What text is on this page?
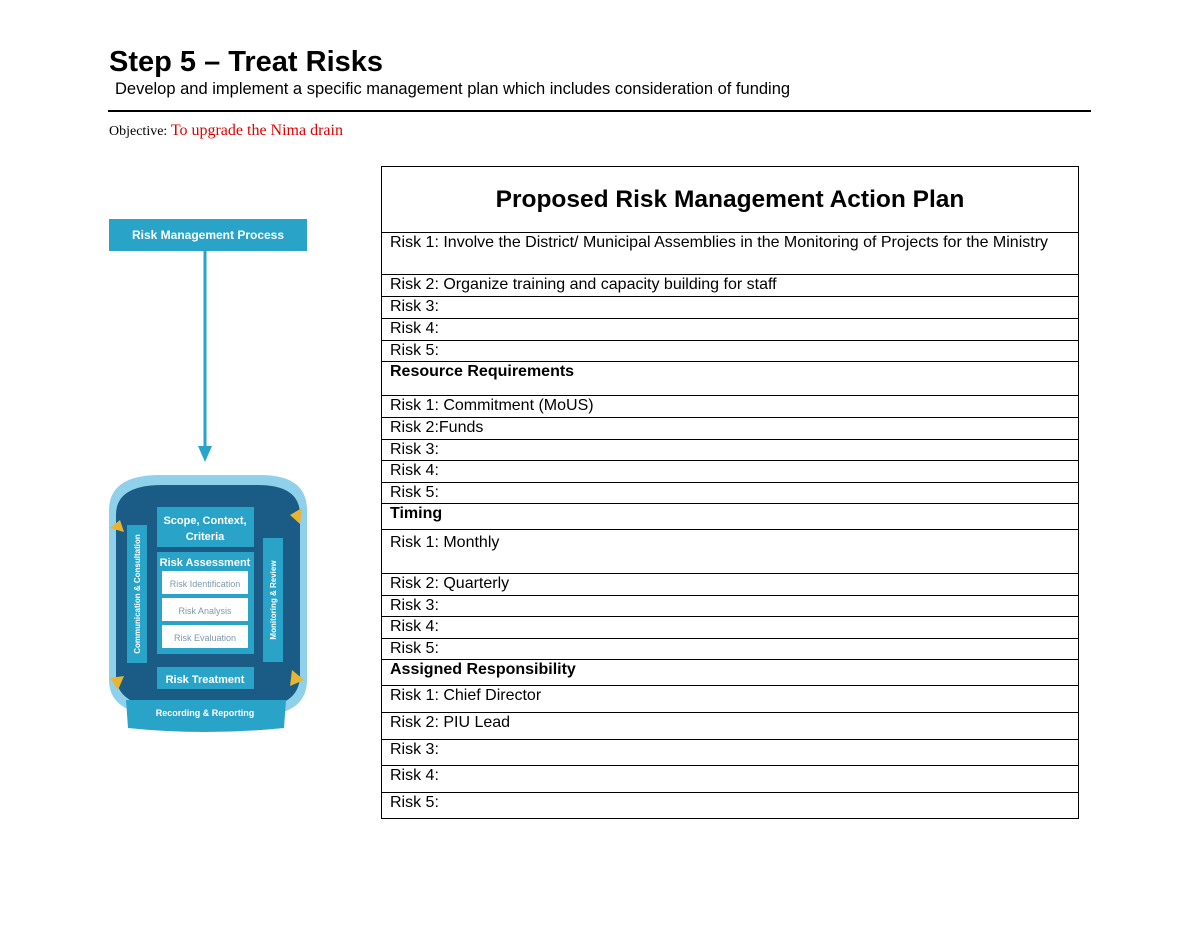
Step 5 – Treat Risks
Develop and implement a specific management plan which includes consideration of funding
Objective: To upgrade the Nima drain
Risk Management Process
Communication & Consultation	Monitoring & Review
Scope, Context,
Criteria
Risk Assessment
Risk Identification
Risk Analysis
Risk Evaluation
Risk Treatment
Recording & Reporting
Proposed Risk Management Action Plan
Risk 1: Involve the District/ Municipal Assemblies in the Monitoring of Projects for the Ministry
Risk 2: Organize training and capacity building for staff
Risk 3:
Risk 4:
Risk 5:
Resource Requirements
Risk 1: Commitment (MoUS)
Risk 2:Funds
Risk 3:
Risk 4:
Risk 5:
Timing
Risk 1: Monthly
Risk 2: Quarterly
Risk 3:
Risk 4:
Risk 5:
Assigned Responsibility
Risk 1: Chief Director
Risk 2: PIU Lead
Risk 3:
Risk 4:
Risk 5:
